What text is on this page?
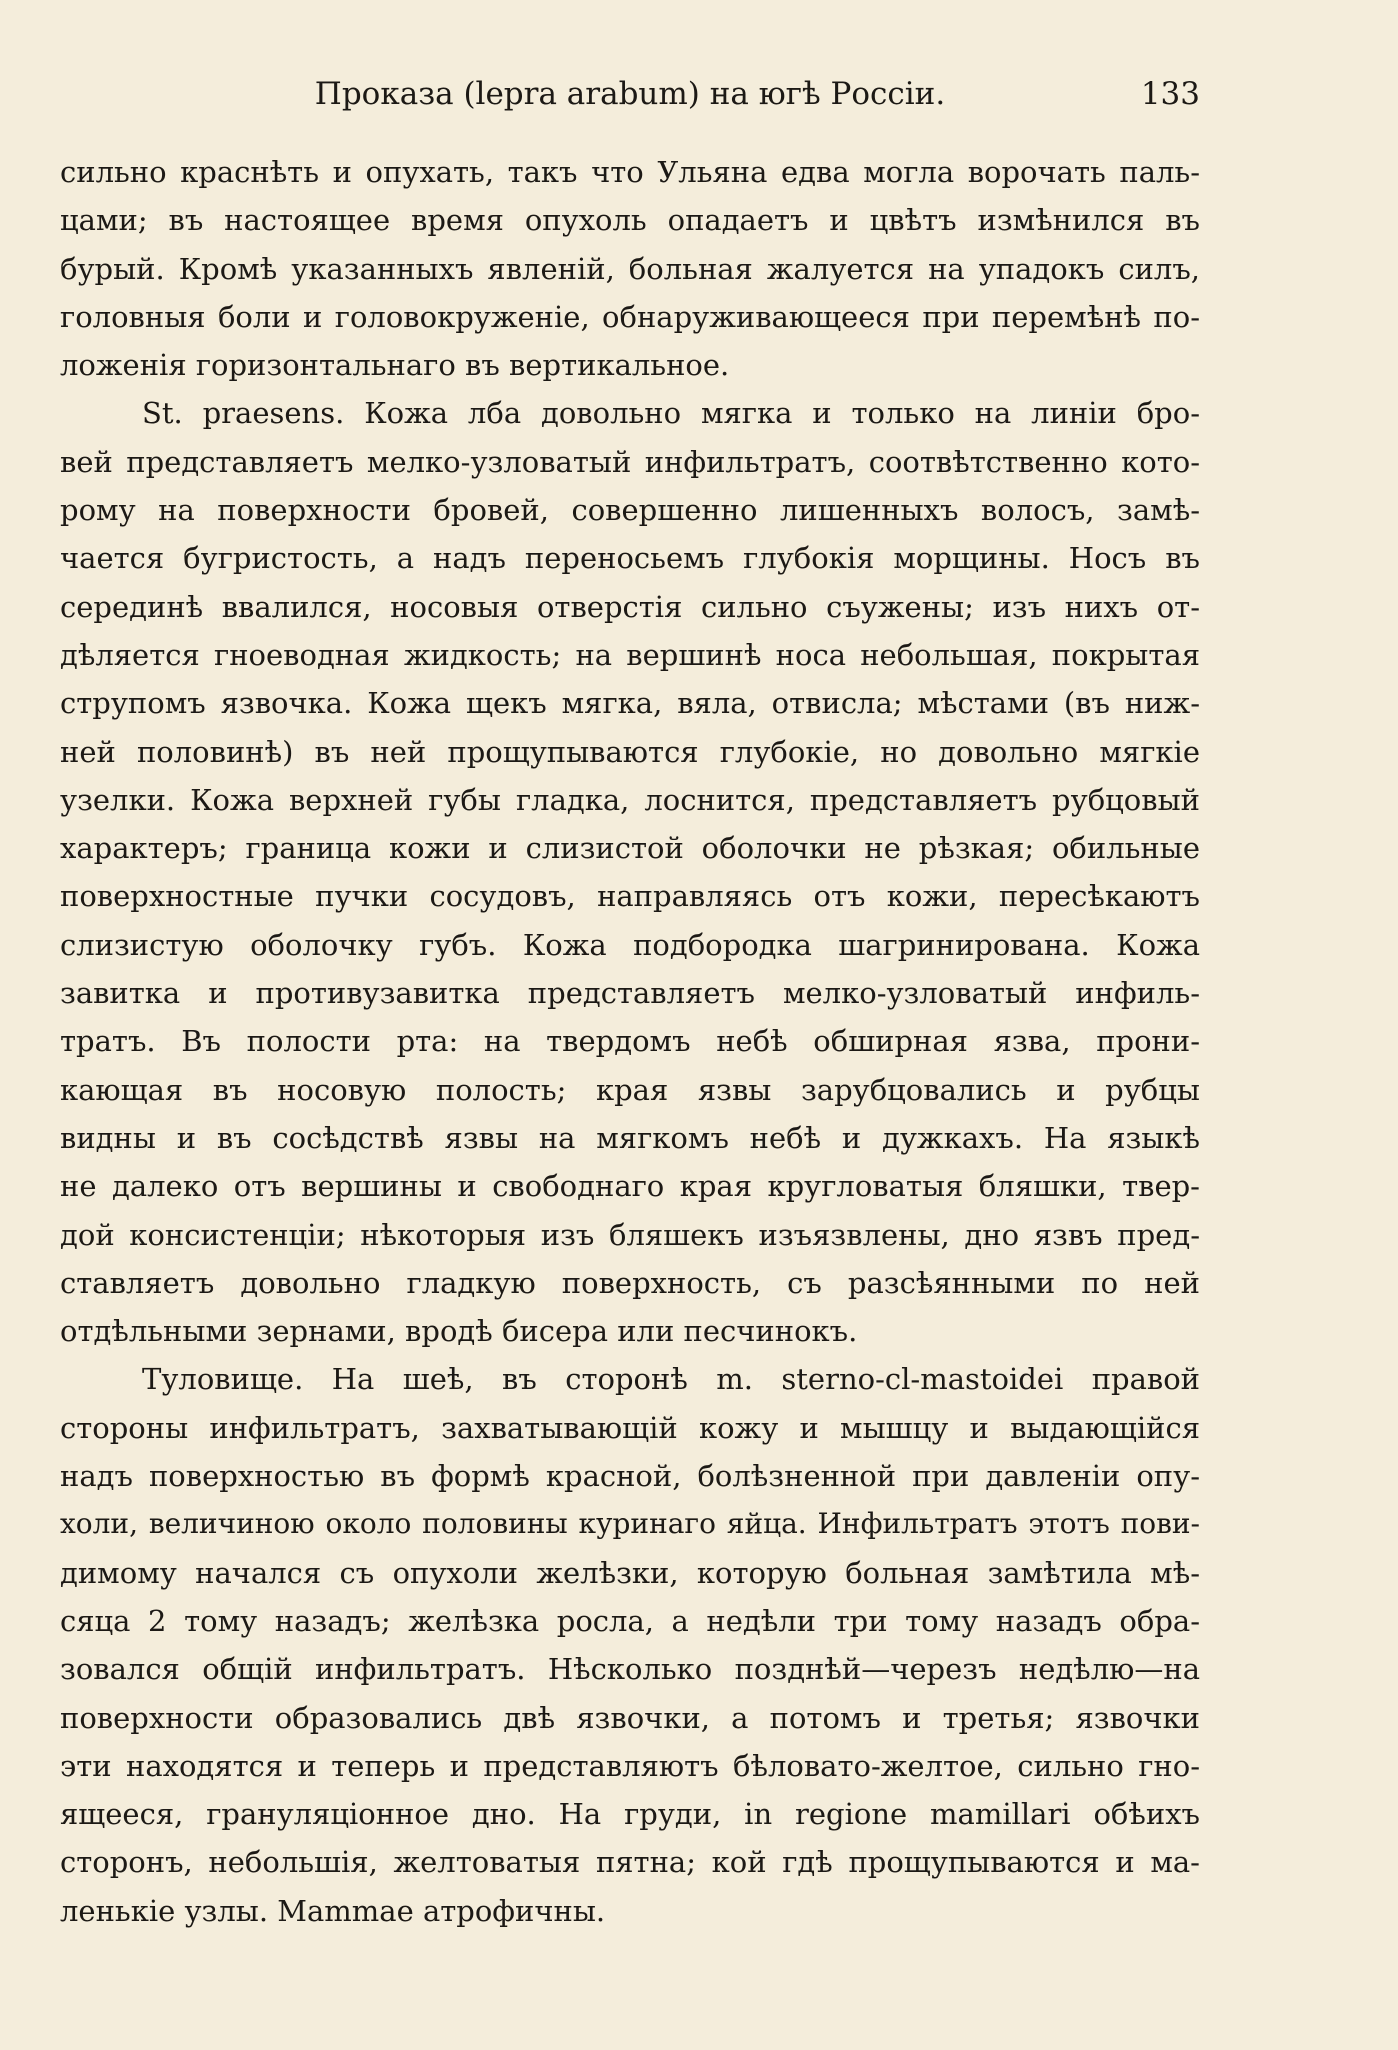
Проказа (lepra arabum) на югѣ Россіи.	133
сильно краснѣть и опухать, такъ что Ульяна едва могла ворочать паль-
цами; въ настоящее время опухоль опадаетъ и цвѣтъ измѣнился въ
бурый. Кромѣ указанныхъ явленій, больная жалуется на упадокъ силъ,
головныя боли и головокруженіе, обнаруживающееся при перемѣнѣ по-
ложенія горизонтальнаго въ вертикальное.
St. praesens. Кожа лба довольно мягка и только на линіи бро-
вей представляетъ мелко-узловатый инфильтратъ, соотвѣтственно кото-
рому на поверхности бровей, совершенно лишенныхъ волосъ, замѣ-
чается бугристость, а надъ переносьемъ глубокія морщины. Носъ въ
серединѣ ввалился, носовыя отверстія сильно съужены; изъ нихъ от-
дѣляется гноеводная жидкость; на вершинѣ носа небольшая, покрытая
струпомъ язвочка. Кожа щекъ мягка, вяла, отвисла; мѣстами (въ ниж-
ней половинѣ) въ ней прощупываются глубокіе, но довольно мягкіе
узелки. Кожа верхней губы гладка, лоснится, представляетъ рубцовый
характеръ; граница кожи и слизистой оболочки не рѣзкая; обильные
поверхностные пучки сосудовъ, направляясь отъ кожи, пересѣкаютъ
слизистую оболочку губъ. Кожа подбородка шагринирована. Кожа
завитка и противузавитка представляетъ мелко-узловатый инфиль-
тратъ. Въ полости рта: на твердомъ небѣ обширная язва, прони-
кающая въ носовую полость; края язвы зарубцовались и рубцы
видны и въ сосѣдствѣ язвы на мягкомъ небѣ и дужкахъ. На языкѣ
не далеко отъ вершины и свободнаго края кругловатыя бляшки, твер-
дой консистенціи; нѣкоторыя изъ бляшекъ изъязвлены, дно язвъ пред-
ставляетъ довольно гладкую поверхность, съ разсѣянными по ней
отдѣльными зернами, вродѣ бисера или песчинокъ.
Туловище. На шеѣ, въ сторонѣ m. sterno-cl-mastoidei правой
стороны инфильтратъ, захватывающій кожу и мышцу и выдающійся
надъ поверхностью въ формѣ красной, болѣзненной при давленіи опу-
холи, величиною около половины куринаго яйца. Инфильтратъ этотъ пови-
димому начался съ опухоли желѣзки, которую больная замѣтила мѣ-
сяца 2 тому назадъ; желѣзка росла, а недѣли три тому назадъ обра-
зовался общій инфильтратъ. Нѣсколько позднѣй—черезъ недѣлю—на
поверхности образовались двѣ язвочки, а потомъ и третья; язвочки
эти находятся и теперь и представляютъ бѣловато-желтое, сильно гно-
ящееся, грануляціонное дно. На груди, in regione mamillari обѣихъ
сторонъ, небольшія, желтоватыя пятна; кой гдѣ прощупываются и ма-
ленькіе узлы. Mammae атрофичны.
